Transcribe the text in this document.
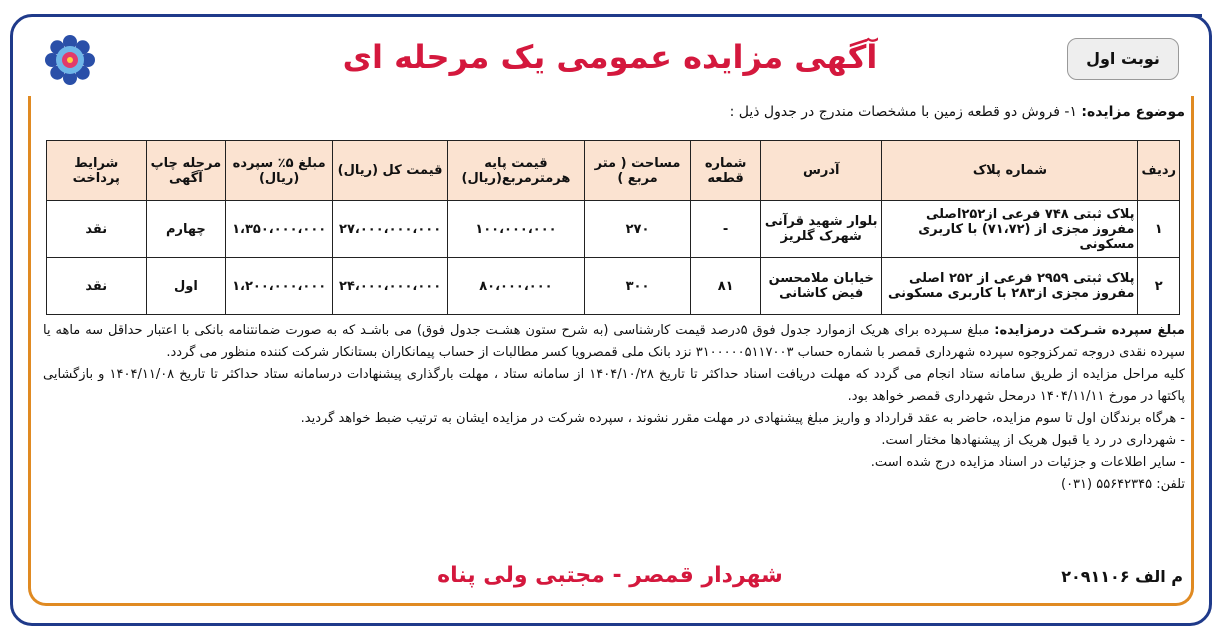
آگهی مزایده عمومی یک مرحله ای	نوبت اول
موضوع مزایده: ۱- فروش دو قطعه زمین با مشخصات مندرج در جدول ذیل :
ردیف	شماره پلاک	آدرس	شماره قطعه	مساحت ( متر مربع )	قیمت پایه هرمترمربع(ریال)	قیمت کل (ریال)	مبلغ ۵٪ سپرده (ریال)	مرحله چاپ آگهی	شرایط پرداخت
۱	پلاک ثبتی ۷۴۸ فرعی از۲۵۲اصلی مفروز مجزی از (۷۱،۷۲) با کاربری مسکونی	بلوار شهید قرآنی شهرک گلریز	-	۲۷۰	۱۰۰،۰۰۰،۰۰۰	۲۷،۰۰۰،۰۰۰،۰۰۰	۱،۳۵۰،۰۰۰،۰۰۰	چهارم	نقد
۲	پلاک ثبتی ۲۹۵۹ فرعی از ۲۵۲ اصلی مفروز مجزی از۲۸۳ با کاربری مسکونی	خیابان ملامحسن فیض کاشانی	۸۱	۳۰۰	۸۰،۰۰۰،۰۰۰	۲۴،۰۰۰،۰۰۰،۰۰۰	۱،۲۰۰،۰۰۰،۰۰۰	اول	نقد

مبلغ سپرده شـرکت درمزایده: مبلغ سـپرده برای هریک ازموارد جدول فوق ۵درصد قیمت کارشناسی (به شرح ستون هشـت جدول فوق) می باشـد که به صورت ضمانتنامه بانکی با اعتبار حداقل سه ماهه یا سپرده نقدی دروجه تمرکزوجوه سپرده شهرداری قمصر با شماره حساب ۳۱۰۰۰۰۰۵۱۱۷۰۰۳ نزد بانک ملی قمصرویا کسر مطالبات از حساب پیمانکاران بستانکار شرکت کننده منظور می گردد.

کلیه مراحل مزایده از طریق سامانه ستاد انجام می گردد که مهلت دریافت اسناد حداکثر تا تاریخ ۱۴۰۴/۱۰/۲۸ از سامانه ستاد ، مهلت بارگذاری پیشنهادات درسامانه ستاد حداکثر تا تاریخ ۱۴۰۴/۱۱/۰۸ و بازگشایی پاکتها در مورخ ۱۴۰۴/۱۱/۱۱ درمحل شهرداری قمصر خواهد بود.

- هرگاه برندگان اول تا سوم مزایده، حاضر به عقد قرارداد و واریز مبلغ پیشنهادی در مهلت مقرر نشوند ، سپرده شرکت در مزایده ایشان به ترتیب ضبط خواهد گردید.

- شهرداری در رد یا قبول هریک از پیشنهادها مختار است.

- سایر اطلاعات و جزئیات در اسناد مزایده درج شده است.

تلفن: ۵۵۶۴۲۳۴۵ (۰۳۱)

م الف ۲۰۹۱۱۰۶
شهردار قمصر - مجتبی ولی پناه
